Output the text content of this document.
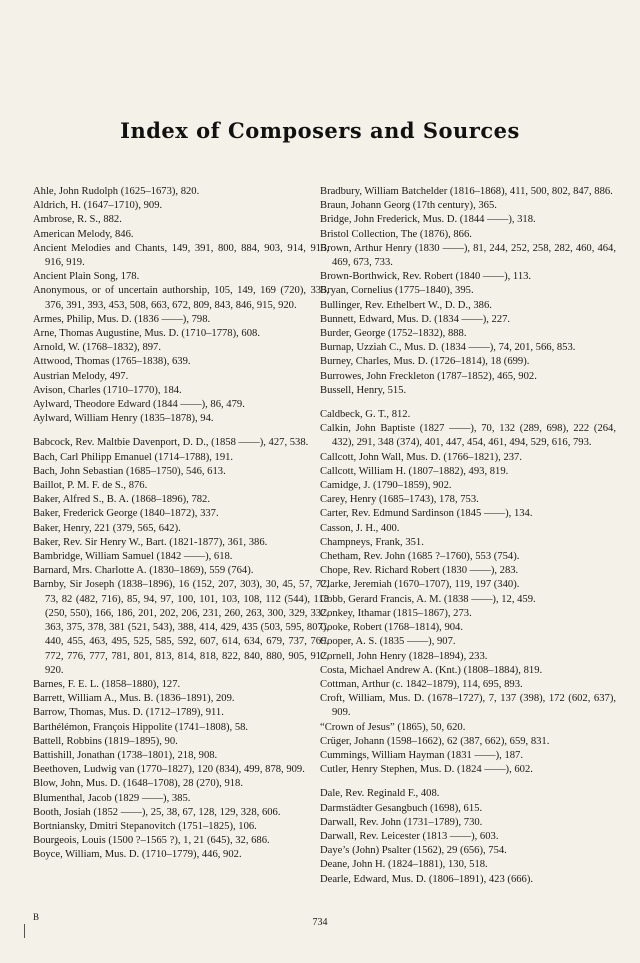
Index of Composers and Sources
Ahle, John Rudolph (1625–1673), 820.
Aldrich, H. (1647–1710), 909.
Ambrose, R. S., 882.
American Melody, 846.
Ancient Melodies and Chants, 149, 391, 800, 884, 903, 914, 915, 916, 919.
Ancient Plain Song, 178.
Anonymous, or of uncertain authorship, 105, 149, 169 (720), 335, 376, 391, 393, 453, 508, 663, 672, 809, 843, 846, 915, 920.
Armes, Philip, Mus. D. (1836 ——), 798.
Arne, Thomas Augustine, Mus. D. (1710–1778), 608.
Arnold, W. (1768–1832), 897.
Attwood, Thomas (1765–1838), 639.
Austrian Melody, 497.
Avison, Charles (1710–1770), 184.
Aylward, Theodore Edward (1844 ——), 86, 479.
Aylward, William Henry (1835–1878), 94.
Babcock, Rev. Maltbie Davenport, D. D., (1858 ——), 427, 538.
Bach, Carl Philipp Emanuel (1714–1788), 191.
Bach, John Sebastian (1685–1750), 546, 613.
Baillot, P. M. F. de S., 876.
Baker, Alfred S., B. A. (1868–1896), 782.
Baker, Frederick George (1840–1872), 337.
Baker, Henry, 221 (379, 565, 642).
Baker, Rev. Sir Henry W., Bart. (1821-1877), 361, 386.
Bambridge, William Samuel (1842 ——), 618.
Barnard, Mrs. Charlotte A. (1830–1869), 559 (764).
Barnby, Sir Joseph (1838–1896), 16 (152, 207, 303), 30, 45, 57, 72, 73, 82 (482, 716), 85, 94, 97, 100, 101, 103, 108, 112 (544), 118 (250, 550), 166, 186, 201, 202, 206, 231, 260, 263, 300, 329, 332, 363, 375, 378, 381 (521, 543), 388, 414, 429, 435 (503, 595, 807), 440, 455, 463, 495, 525, 585, 592, 607, 614, 634, 679, 737, 769, 772, 776, 777, 781, 801, 813, 814, 818, 822, 840, 880, 905, 912, 920.
Barnes, F. E. L. (1858–1880), 127.
Barrett, William A., Mus. B. (1836–1891), 209.
Barrow, Thomas, Mus. D. (1712–1789), 911.
Barthélémon, François Hippolite (1741–1808), 58.
Battell, Robbins (1819–1895), 90.
Battishill, Jonathan (1738–1801), 218, 908.
Beethoven, Ludwig van (1770–1827), 120 (834), 499, 878, 909.
Blow, John, Mus. D. (1648–1708), 28 (270), 918.
Blumenthal, Jacob (1829 ——), 385.
Booth, Josiah (1852 ——), 25, 38, 67, 128, 129, 328, 606.
Bortniansky, Dmitri Stepanovitch (1751–1825), 106.
Bourgeois, Louis (1500 ?–1565 ?), 1, 21 (645), 32, 686.
Boyce, William, Mus. D. (1710–1779), 446, 902.
Bradbury, William Batchelder (1816–1868), 411, 500, 802, 847, 886.
Braun, Johann Georg (17th century), 365.
Bridge, John Frederick, Mus. D. (1844 ——), 318.
Bristol Collection, The (1876), 866.
Brown, Arthur Henry (1830 ——), 81, 244, 252, 258, 282, 460, 464, 469, 673, 733.
Brown-Borthwick, Rev. Robert (1840 ——), 113.
Bryan, Cornelius (1775–1840), 395.
Bullinger, Rev. Ethelbert W., D. D., 386.
Bunnett, Edward, Mus. D. (1834 ——), 227.
Burder, George (1752–1832), 888.
Burnap, Uzziah C., Mus. D. (1834 ——), 74, 201, 566, 853.
Burney, Charles, Mus. D. (1726–1814), 18 (699).
Burrowes, John Freckleton (1787–1852), 465, 902.
Bussell, Henry, 515.
Caldbeck, G. T., 812.
Calkin, John Baptiste (1827 ——), 70, 132 (289, 698), 222 (264, 432), 291, 348 (374), 401, 447, 454, 461, 494, 529, 616, 793.
Callcott, John Wall, Mus. D. (1766–1821), 237.
Callcott, William H. (1807–1882), 493, 819.
Camidge, J. (1790–1859), 902.
Carey, Henry (1685–1743), 178, 753.
Carter, Rev. Edmund Sardinson (1845 ——), 134.
Casson, J. H., 400.
Champneys, Frank, 351.
Chetham, Rev. John (1685 ?–1760), 553 (754).
Chope, Rev. Richard Robert (1830 ——), 283.
Clarke, Jeremiah (1670–1707), 119, 197 (340).
Cobb, Gerard Francis, A. M. (1838 ——), 12, 459.
Conkey, Ithamar (1815–1867), 273.
Cooke, Robert (1768–1814), 904.
Cooper, A. S. (1835 ——), 907.
Cornell, John Henry (1828–1894), 233.
Costa, Michael Andrew A. (Knt.) (1808–1884), 819.
Cottman, Arthur (c. 1842–1879), 114, 695, 893.
Croft, William, Mus. D. (1678–1727), 7, 137 (398), 172 (602, 637), 909.
“Crown of Jesus” (1865), 50, 620.
Crüger, Johann (1598–1662), 62 (387, 662), 659, 831.
Cummings, William Hayman (1831 ——), 187.
Cutler, Henry Stephen, Mus. D. (1824 ——), 602.
Dale, Rev. Reginald F., 408.
Darmstädter Gesangbuch (1698), 615.
Darwall, Rev. John (1731–1789), 730.
Darwall, Rev. Leicester (1813 ——), 603.
Daye’s (John) Psalter (1562), 29 (656), 754.
Deane, John H. (1824–1881), 130, 518.
Dearle, Edward, Mus. D. (1806–1891), 423 (666).
B	734
